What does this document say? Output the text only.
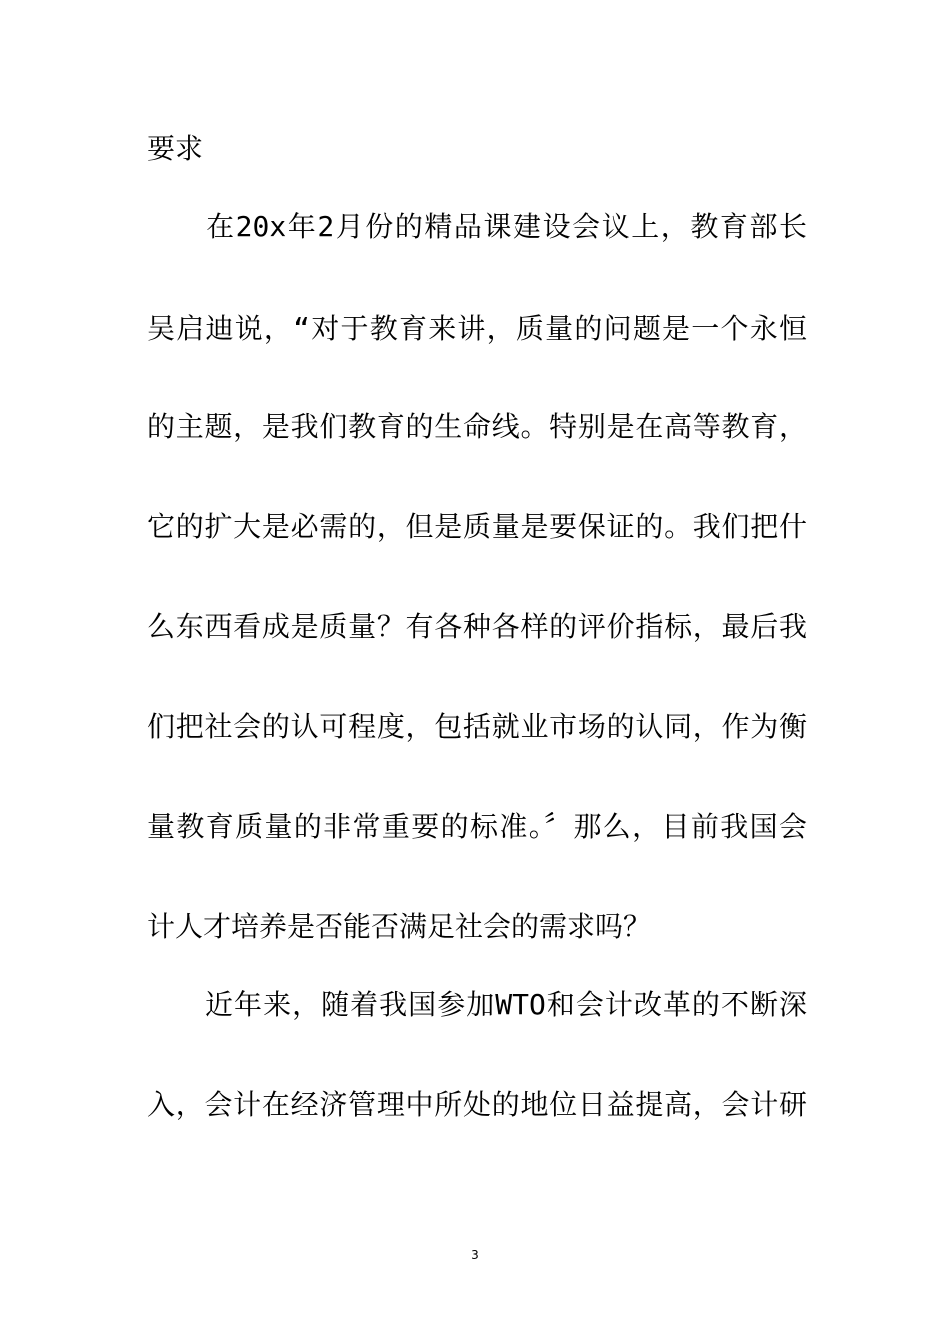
要求
　　在20x年2月份的精品课建设会议上，教育部长
吴启迪说，“对于教育来讲，质量的问题是一个永恒
的主题，是我们教育的生命线。特别是在高等教育，
它的扩大是必需的，但是质量是要保证的。我们把什
么东西看成是质量？有各种各样的评价指标，最后我
们把社会的认可程度，包括就业市场的认同，作为衡
量教育质量的非常重要的标准。〞那么，目前我国会
计人才培养是否能否满足社会的需求吗？
　　近年来，随着我国参加WTO和会计改革的不断深
入，会计在经济管理中所处的地位日益提高，会计研
3
